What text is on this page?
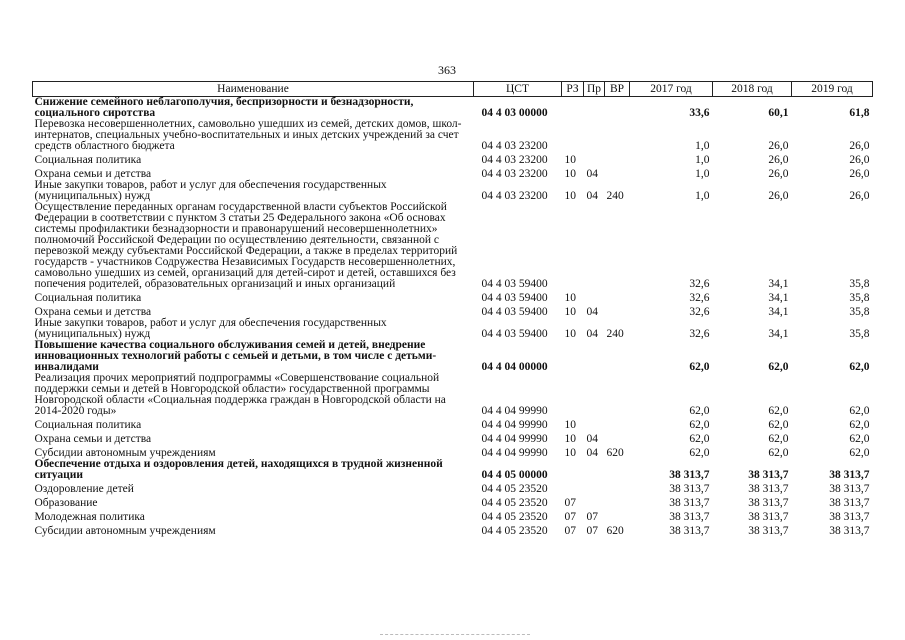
363
Наименование	ЦСТ	РЗ	Пр	ВР	2017 год	2018 год	2019 год
Снижение семейного неблагополучия, беспризорности и безнадзорности, социального сиротства	04 4 03 00000				33,6	60,1	61,8
Перевозка несовершеннолетних, самовольно ушедших из семей, детских домов, школ-интернатов, специальных учебно-воспитательных и иных детских учреждений за счет средств областного бюджета	04 4 03 23200				1,0	26,0	26,0
Социальная политика	04 4 03 23200	10			1,0	26,0	26,0
Охрана семьи и детства	04 4 03 23200	10	04		1,0	26,0	26,0
Иные закупки товаров, работ и услуг для обеспечения государственных (муниципальных) нужд	04 4 03 23200	10	04	240	1,0	26,0	26,0
Осуществление переданных органам государственной власти субъектов Российской Федерации в соответствии с пунктом 3 статьи 25 Федерального закона «Об основах системы профилактики безнадзорности и правонарушений несовершеннолетних» полномочий Российской Федерации по осуществлению деятельности, связанной с перевозкой между субъектами Российской Федерации, а также в пределах территорий государств - участников Содружества Независимых Государств несовершеннолетних, самовольно ушедших из семей, организаций для детей-сирот и детей, оставшихся без попечения родителей, образовательных организаций и иных организаций	04 4 03 59400				32,6	34,1	35,8
Социальная политика	04 4 03 59400	10			32,6	34,1	35,8
Охрана семьи и детства	04 4 03 59400	10	04		32,6	34,1	35,8
Иные закупки товаров, работ и услуг для обеспечения государственных (муниципальных) нужд	04 4 03 59400	10	04	240	32,6	34,1	35,8
Повышение качества социального обслуживания семей и детей, внедрение инновационных технологий работы с семьей и детьми, в том числе с детьми-инвалидами	04 4 04 00000				62,0	62,0	62,0
Реализация прочих мероприятий подпрограммы «Совершенствование социальной поддержки семьи и детей в Новгородской области» государственной программы Новгородской области «Социальная поддержка граждан в Новгородской области на 2014-2020 годы»	04 4 04 99990				62,0	62,0	62,0
Социальная политика	04 4 04 99990	10			62,0	62,0	62,0
Охрана семьи и детства	04 4 04 99990	10	04		62,0	62,0	62,0
Субсидии автономным учреждениям	04 4 04 99990	10	04	620	62,0	62,0	62,0
Обеспечение отдыха и оздоровления детей, находящихся в трудной жизненной ситуации	04 4 05 00000				38 313,7	38 313,7	38 313,7
Оздоровление детей	04 4 05 23520				38 313,7	38 313,7	38 313,7
Образование	04 4 05 23520	07			38 313,7	38 313,7	38 313,7
Молодежная политика	04 4 05 23520	07	07		38 313,7	38 313,7	38 313,7
Субсидии автономным учреждениям	04 4 05 23520	07	07	620	38 313,7	38 313,7	38 313,7
